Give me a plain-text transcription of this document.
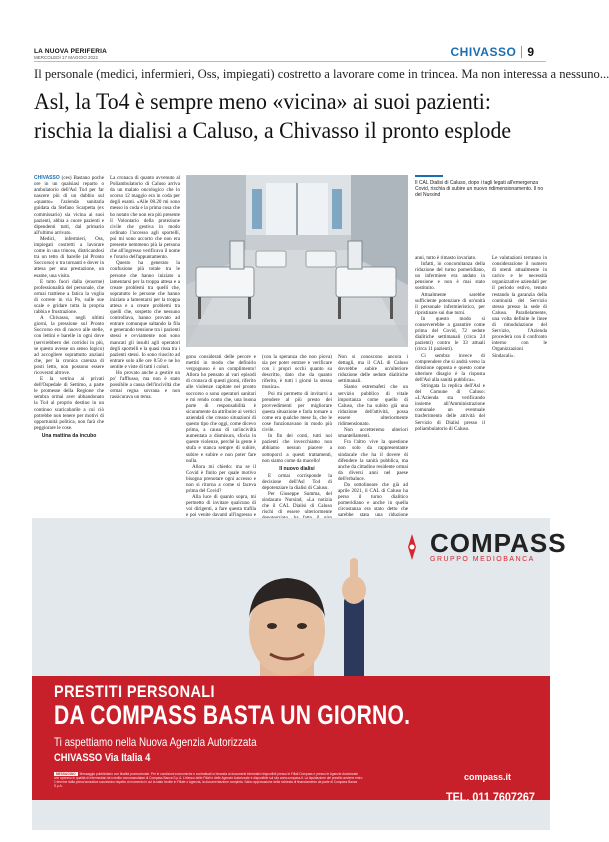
LA NUOVA PERIFERIA
MERCOLEDÌ 17 MAGGIO 2022	CHIVASSO 9
Il personale (medici, infermieri, Oss, impiegati) costretto a lavorare come in trincea. Ma non interessa a nessuno...
Asl, la To4 è sempre meno «vicina» ai suoi pazienti:
rischia la dialisi a Caluso, a Chivasso il pronto esplode

CHIVASSO (ces) Bastano poche ore in un qualsiasi reparto o ambulatorio dell'Asl To4 per far nascere più di un dubbio sul «quanto» l'azienda sanitaria guidata da Stefano Scarpetta (ex commissario) sia vicina ai suoi pazienti, abbia a cuore pazienti e dipendenti tutti, dal primario all'ultimo arrivato.

Medici, infermieri, Oss, impiegati costretti a lavorare come in una trincea, districandosi tra un tetto di barelle (al Pronto Soccorso) o tra tornanti e dover in attesa per una prestazione, un esame, una visita.

E tutto fuori dalla (enorme) professionalità del personale, che ormai trattiene a fatica la voglia di correre in via Po, sulle sue scale e gridare tutta la propria rabbia e frustrazione.

A Chivasso, negli ultimi giorni, la pressione sul Pronto Soccorso era di nuovo alle stelle, con lettini e barelle in ogni dove (servirebbero dei corridoi in più, se questo avesse un senso logico) ad accogliere soprattutto anziani che, per la cronica carenza di posti letto, non possono essere ricoverati altrove.

E la vetrina ai privati dell'Ospedale di Settimo, a parte le promesse della Regione che sembra ormai aver abbandonato la To4 al proprio destino in un continuo scaricabarile a cui ciò potrebbe non tenere per motivi di opportunità politica, non farà che peggiorare le cose.

Una mattina da incubo

La cronaca di quanto avvenuto al Poliambulatorio di Caluso arriva da un malato oncologico che lo scorso 12 maggio era in coda per degli esami. «Alle 08.20 mi sono messo in coda e la prima cosa che ho notato che non era più presente il Volontario della protezione civile che gestiva in modo ordinato l'accesso agli sportelli, poi mi sono accorto che non era presente nemmeno più la persona che all'ingresso verificava il nome e l'orario dell'appuntamento.

Questo ha generato la confusione più totale tra le persone che hanno iniziato a lamentarsi per la troppa attesa e a creare problemi tra quelli che, sopratutto le persone che hanno iniziato a lamentarsi per la troppa attesa e a creare problemi tra quelli che, sospetto che nessuno controllava, hanno provato ad entrare comunque saltando la fila e generando tensione tra i pazienti stessi e ovviamente non sono mancati gli insulti agli operatori degli sportelli e la quasi rissa tra i pazienti stessi. Io sono riuscito ad entrare solo alle ore 8.50 e ne ho sentite e viste di tutti i colori.

Ho provato anche a gestire un po' l'afflusso, ma non è stato possibile a causa dell'inciviltà che ormai regna sovrana e non rassicurava un tema.

Il CAL Dialisi di Caluso, dopo i tagli legati all'emergenza Covid, rischia di subire un nuovo ridimensionamento. Il no del Nursind

gono considerati delle pecore e mettiti in modo che definirlo vergognoso è un complimento! Allora ho pensato al vari episodi di cronaca di questi giorni, riferito alle violenze capitate nei pronto soccorso o sono operatori sanitari e mi rendo conto che, una buona parte di responsabilità è sicuramente da attribuire ai vertici aziendali che creano situazioni di questo tipo che oggi, come dicevo prima, a causa di un'inciviltà aumentata a dismisura, sfocia in queste violenze, perché la gente è stufa e stanca sempre di subire, subire e subire e non poter fare nulla.

Allora mi chiedo: ma se il Covid è finito per quale motivo bisogna prenotare ogni accesso e non si ritorna a come si faceva prima del Covid?

Alla luce di quanto sopra, mi permetto di invitare qualcuno di voi dirigenti, a fare questa trafila e poi venite davanti all'ingresso e

(con la speranza che non piova) sia per poter entrare e verificare con i propri occhi quanto su descritto, dato che da quanto riferito, è tutti i giorni la stessa musica».

Poi mi permetto di invitarvi a prendere al più presto dei provvedimenti per migliorare questa situazione e farla tornare a come era qualche mese fa, che le cose funzionavano in modo più civile.

In fin dei conti, tutti noi pazienti che invecchiamo non abbiamo nessun piacere a sottoporci a questi trattamenti, non siamo come da macello!

Il nuovo dialisi

E ormai corrisponde la decisione dell'Asl To4 di depotenziare la dialisi di Caluso.

Per Giuseppe Summa, del sindacato Nursind, «La notizia che il CAL Dialisi di Caluso rischi di essere ulteriormente

Non si conoscono ancora i dettagli, ma il CAL di Caluso dovrebbe subire un'ulteriore riduzione delle sedute dialitiche settimanali.

Siamo estremafeti che un servizio pubblico di vitale importanza come quello di Caluso, che ha subito già una riduzione dell'attività, possa essere ulteriormente ridimensionato.

Non accetteremo ulteriori smantellamenti.

Fra l'altro vive la questione non solo da rappresentante sindacale che ha il dovere di difendere la sanità pubblica, ma anche da cittadino residente ormai da diversi anni nel paese dell'erbaluce.

Da sottolineare che già ad aprile 2021, il CAL di Caluso ha perso il turno dialitico pomeridiano e anche in quella circostanza era stato detto che sarebbe stata una riduzione

anni, tutto è rimasto invariato.

Infatti, in concomitanza della riduzione del turno pomeridiano, un infermiere era andato in pensione e non è mai stato sostituito.

Attualmente sarebbe sufficiente potenziare di un'unità il personale infermieristico, per ripristinare sui due turni.

In questo modo si conserverebbe a garantire come prima del Covid, 72 sedute dialitiche settimanali (circa 24 pazienti) contro le 33 attuali (circa 11 pazienti).

Ci sembra invece di comprendere che si andrà verso la direzione opposta e questo come ulteriore disagio è la risposta dell'Asl alla sanità pubblica».

Stringata la replica dell'Asl e del Comune di Caluso: «L'Azienda sta verificando insieme all'Amministrazione comunale un eventuale trasferimento delle attività del Servizio di Dialisi presso il poliambulatorio di Caluso.

Le valutazioni terranno in considerazione il numero di utenti attualmente in carico e le necessità organizzative aziendali per il periodo estivo, tenuto restando la garanzia della continuità del Servizio stesso presso la sede di Caluso. Parallelamente, una volta definite le linee di rimodulazione del Servizio, l'Azienda procederà con il confronto interno con le Organizzazioni Sindacali».

COMPASS
GRUPPO MEDIOBANCA
PRESTITI PERSONALI
DA COMPASS BASTA UN GIORNO.
Ti aspettiamo nella Nuova Agenzia Autorizzata
CHIVASSO Via Italia 4
MESSAGGIO Messaggio pubblicitario con finalità promozionale. Per le condizioni economiche e contrattuali si rimanda ai documenti informativi disponibili presso le Filiali Compass e presso le Agenzie Autorizzate che operano in qualità di intermediari del credito monomandatari di Compass Banca S.p.A. L'elenco delle Filiali e delle Agenzie Autorizzate è disponibile sul sito www.compass.it. La liquidazione del prestito avviene entro 1 termine dalla prima lavorativa successivo rispetto al momento in cui la stato fornite in Filiale o Agenzia, la documentazione completa. Salvo approvazione della richiesta di finanziamento da parte di Compass Banca S.p.A.
compass.it
TEL. 011 7607267
